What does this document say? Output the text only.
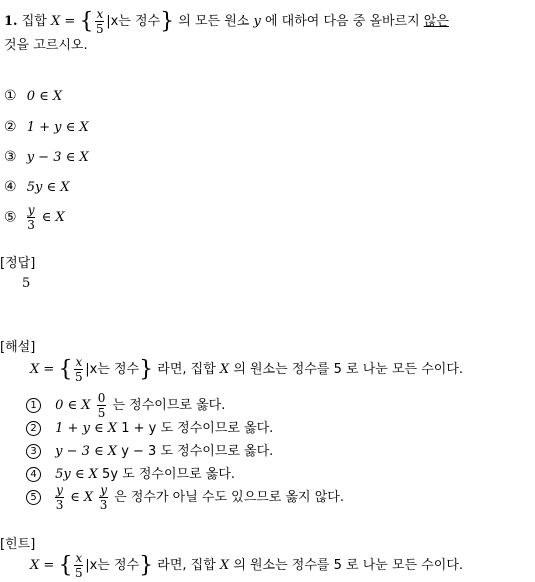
1. 집합 X = { $\frac{x}{5} |x$는 정수} 의 모든 원소 y 에 대하여 다음 중 올바르지 않은
것을 고르시오.
① 0 ∈ X
② 1 + y ∈ X
③ y − 3 ∈ X
④ 5y ∈ X
⑤ $\frac{y}{3}$ ∈ X
[정답]
5
[해설]
X = { $\frac{x}{5} |x$는 정수} 라면, 집합 X 의 원소는 정수를 5 로 나눈 모든 수이다.
1 0 ∈ X $\frac{0}{5}$ 는 정수이므로 옳다.
2 1 + y ∈ X 1 + y 도 정수이므로 옳다.
3 y − 3 ∈ X y − 3 도 정수이므로 옳다.
4 5y ∈ X 5y 도 정수이므로 옳다.
$5 \frac{y}{3}$ ∈ X $\frac{y}{3}$ 은 정수가 아닐 수도 있으므로 옳지 않다.
[힌트]
X = { $\frac{x}{5} |x$는 정수} 라면, 집합 X 의 원소는 정수를 5 로 나눈 모든 수이다.
